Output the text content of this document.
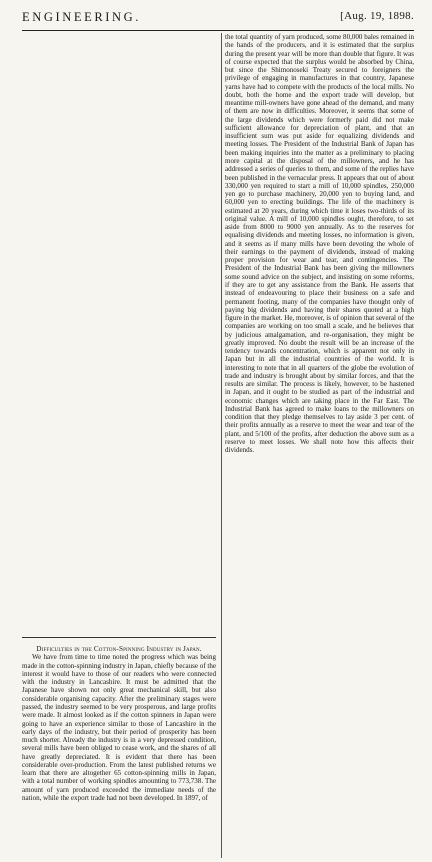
ENGINEERING.	[Aug. 19, 1898.

the total quantity of yarn produced, some 80,000 bales remained in the hands of the producers, and it is estimated that the surplus during the present year will be more than double that figure. It was of course expected that the surplus would be absorbed by China, but since the Shimonoseki Treaty secured to foreigners the privilege of engaging in manufactures in that country, Japanese yarns have had to compete with the products of the local mills. No doubt, both the home and the export trade will develop, but meantime mill-owners have gone ahead of the demand, and many of them are now in difficulties. Moreover, it seems that some of the large dividends which were formerly paid did not make sufficient allowance for depreciation of plant, and that an insufficient sum was put aside for equalizing dividends and meeting losses. The President of the Industrial Bank of Japan has been making inquiries into the matter as a preliminary to placing more capital at the disposal of the millowners, and he has addressed a series of queries to them, and some of the replies have been published in the vernacular press. It appears that out of about 330,000 yen required to start a mill of 10,000 spindles, 250,000 yen go to purchase machinery, 20,000 yen to buying land, and 60,000 yen to erecting buildings. The life of the machinery is estimated at 20 years, during which time it loses two-thirds of its original value. A mill of 10,000 spindles ought, therefore, to set aside from 8000 to 9000 yen annually. As to the reserves for equalising dividends and meeting losses, no information is given, and it seems as if many mills have been devoting the whole of their earnings to the payment of dividends, instead of making proper provision for wear and tear, and contingencies. The President of the Industrial Bank has been giving the millowners some sound advice on the subject, and insisting on some reforms, if they are to get any assistance from the Bank. He asserts that instead of endeavouring to place their business on a safe and permanent footing, many of the companies have thought only of paying big dividends and having their shares quoted at a high figure in the market. He, moreover, is of opinion that several of the companies are working on too small a scale, and he believes that by judicious amalgamation, and re-organisation, they might be greatly improved. No doubt the result will be an increase of the tendency towards concentration, which is apparent not only in Japan but in all the industrial countries of the world. It is interesting to note that in all quarters of the globe the evolution of trade and industry is brought about by similar forces, and that the results are similar. The process is likely, however, to be hastened in Japan, and it ought to be studied as part of the industrial and economic changes which are taking place in the Far East. The Industrial Bank has agreed to make loans to the millowners on condition that they pledge themselves to lay aside 3 per cent. of their profits annually as a reserve to meet the wear and tear of the plant, and 5/100 of the profits, after deduction the above sum as a reserve to meet losses. We shall note how this affects their dividends.

Difficulties in the Cotton-Spinning Industry in Japan.

We have from time to time noted the progress which was being made in the cotton-spinning industry in Japan, chiefly because of the interest it would have to those of our readers who were connected with the industry in Lancashire. It must be admitted that the Japanese have shown not only great mechanical skill, but also considerable organising capacity. After the preliminary stages were passed, the industry seemed to be very prosperous, and large profits were made. It almost looked as if the cotton spinners in Japan were going to have an experience similar to those of Lancashire in the early days of the industry, but their period of prosperity has been much shorter. Already the industry is in a very depressed condition, several mills have been obliged to cease work, and the shares of all have greatly depreciated. It is evident that there has been considerable over-production. From the latest published returns we learn that there are altogether 65 cotton-spinning mills in Japan, with a total number of working spindles amounting to 773,738. The amount of yarn produced exceeded the immediate needs of the nation, while the export trade had not been developed. In 1897, of
